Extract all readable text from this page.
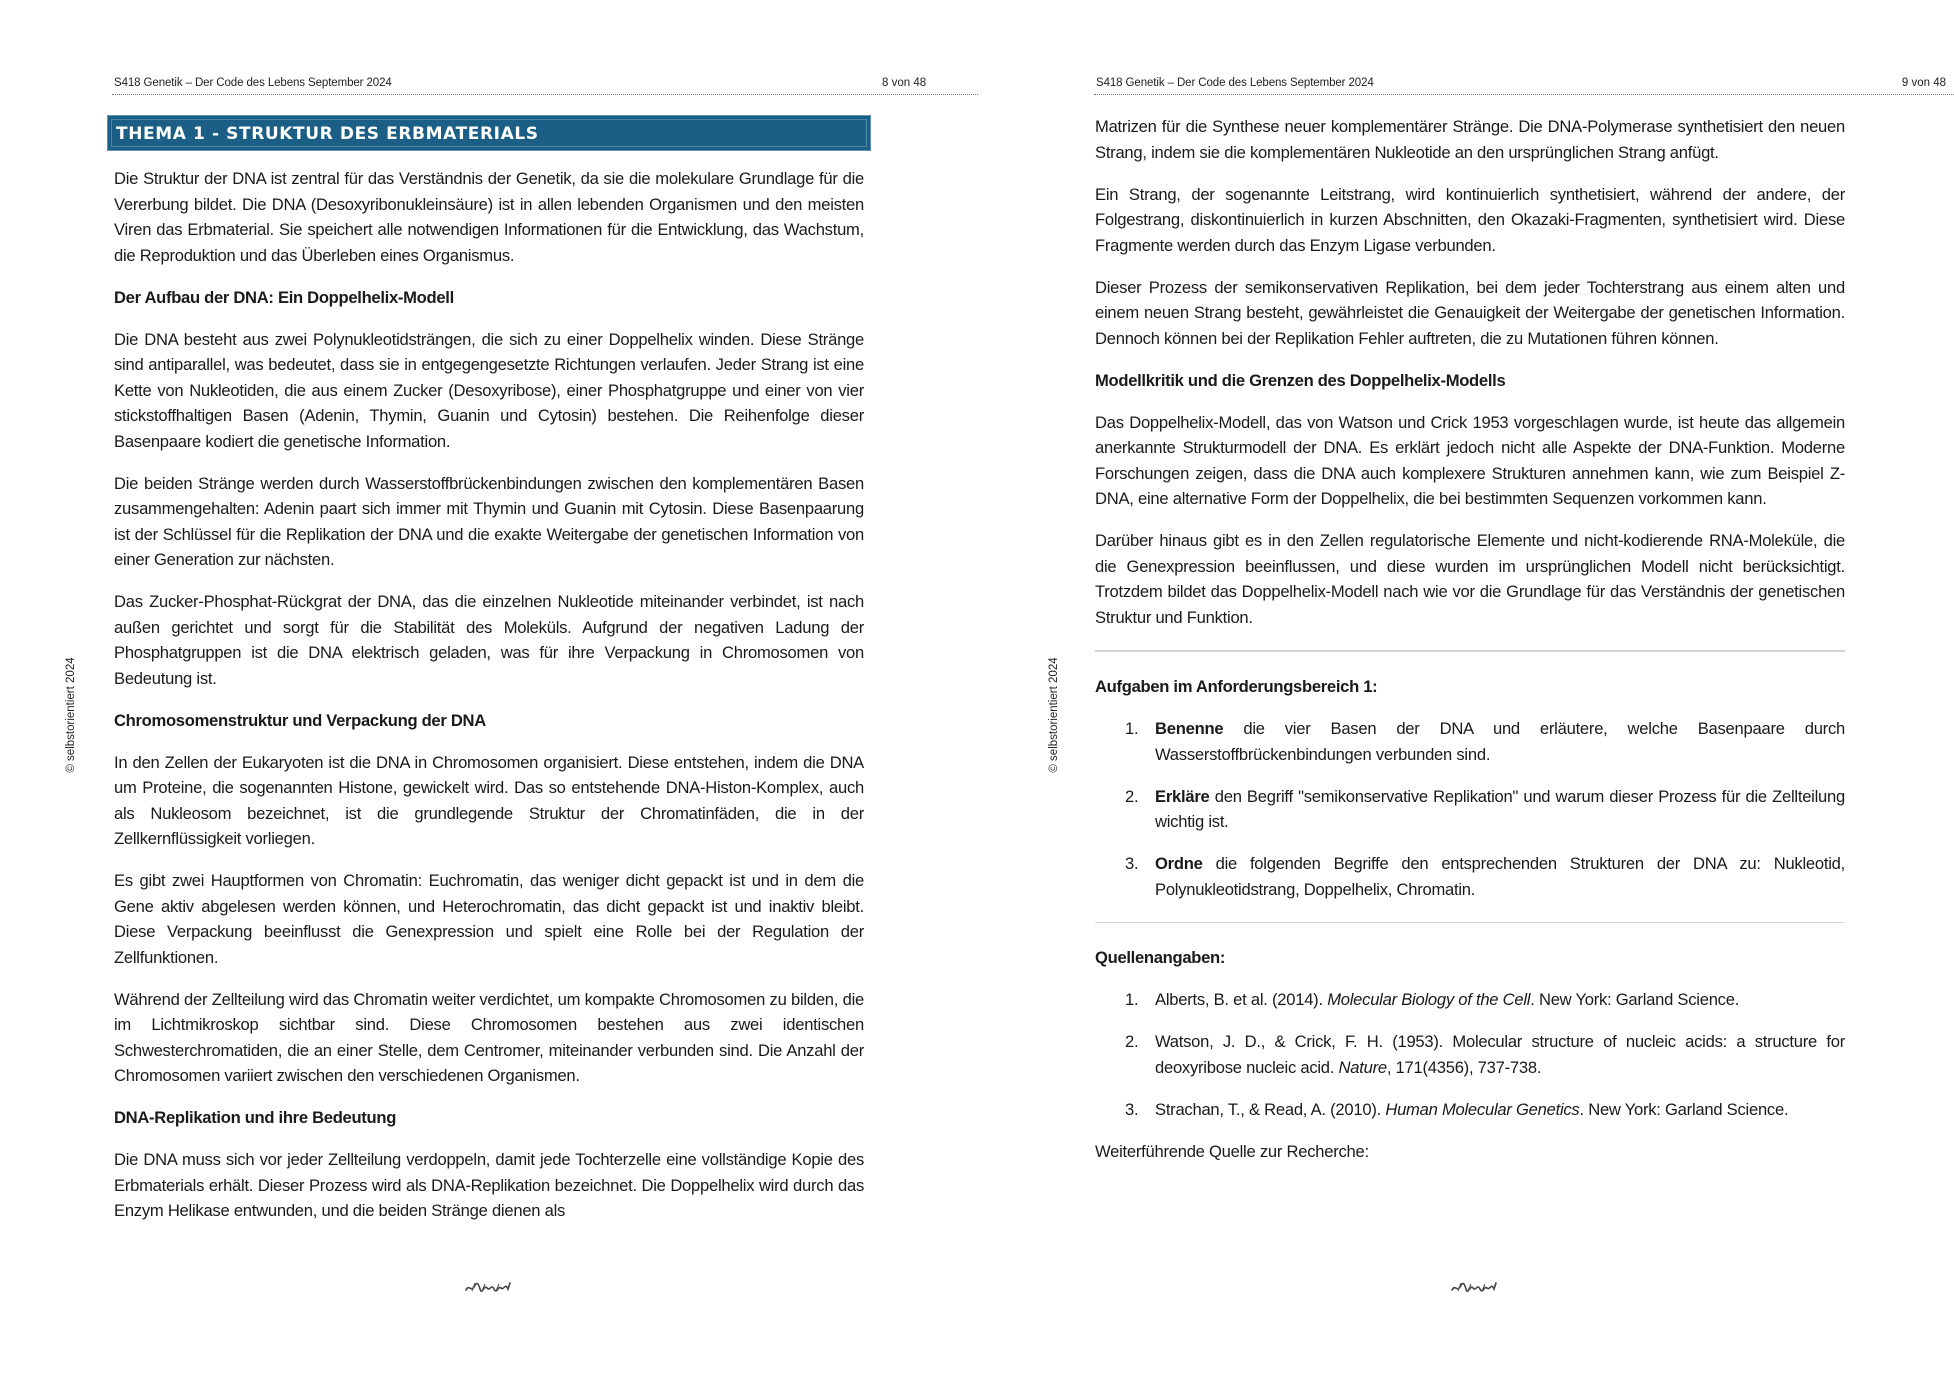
S418 Genetik – Der Code des Lebens September 2024	8 von 48
THEMA 1 - STRUKTUR DES ERBMATERIALS

Die Struktur der DNA ist zentral für das Verständnis der Genetik, da sie die molekulare Grundlage für die Vererbung bildet. Die DNA (Desoxyribonukleinsäure) ist in allen lebenden Organismen und den meisten Viren das Erbmaterial. Sie speichert alle notwendigen Informationen für die Entwicklung, das Wachstum, die Reproduktion und das Überleben eines Organismus.

Der Aufbau der DNA: Ein Doppelhelix-Modell

Die DNA besteht aus zwei Polynukleotidsträngen, die sich zu einer Doppelhelix winden. Diese Stränge sind antiparallel, was bedeutet, dass sie in entgegengesetzte Richtungen verlaufen. Jeder Strang ist eine Kette von Nukleotiden, die aus einem Zucker (Desoxyribose), einer Phosphatgruppe und einer von vier stickstoffhaltigen Basen (Adenin, Thymin, Guanin und Cytosin) bestehen. Die Reihenfolge dieser Basenpaare kodiert die genetische Information.

Die beiden Stränge werden durch Wasserstoffbrückenbindungen zwischen den komplementären Basen zusammengehalten: Adenin paart sich immer mit Thymin und Guanin mit Cytosin. Diese Basenpaarung ist der Schlüssel für die Replikation der DNA und die exakte Weitergabe der genetischen Information von einer Generation zur nächsten.

Das Zucker-Phosphat-Rückgrat der DNA, das die einzelnen Nukleotide miteinander verbindet, ist nach außen gerichtet und sorgt für die Stabilität des Moleküls. Aufgrund der negativen Ladung der Phosphatgruppen ist die DNA elektrisch geladen, was für ihre Verpackung in Chromosomen von Bedeutung ist.

Chromosomenstruktur und Verpackung der DNA

In den Zellen der Eukaryoten ist die DNA in Chromosomen organisiert. Diese entstehen, indem die DNA um Proteine, die sogenannten Histone, gewickelt wird. Das so entstehende DNA-Histon-Komplex, auch als Nukleosom bezeichnet, ist die grundlegende Struktur der Chromatinfäden, die in der Zellkernflüssigkeit vorliegen.

Es gibt zwei Hauptformen von Chromatin: Euchromatin, das weniger dicht gepackt ist und in dem die Gene aktiv abgelesen werden können, und Heterochromatin, das dicht gepackt ist und inaktiv bleibt. Diese Verpackung beeinflusst die Genexpression und spielt eine Rolle bei der Regulation der Zellfunktionen.

Während der Zellteilung wird das Chromatin weiter verdichtet, um kompakte Chromosomen zu bilden, die im Lichtmikroskop sichtbar sind. Diese Chromosomen bestehen aus zwei identischen Schwesterchromatiden, die an einer Stelle, dem Centromer, miteinander verbunden sind. Die Anzahl der Chromosomen variiert zwischen den verschiedenen Organismen.

DNA-Replikation und ihre Bedeutung

Die DNA muss sich vor jeder Zellteilung verdoppeln, damit jede Tochterzelle eine vollständige Kopie des Erbmaterials erhält. Dieser Prozess wird als DNA-Replikation bezeichnet. Die Doppelhelix wird durch das Enzym Helikase entwunden, und die beiden Stränge dienen als

© selbstorientiert 2024
S418 Genetik – Der Code des Lebens September 2024	9 von 48

Matrizen für die Synthese neuer komplementärer Stränge. Die DNA-Polymerase synthetisiert den neuen Strang, indem sie die komplementären Nukleotide an den ursprünglichen Strang anfügt.

Ein Strang, der sogenannte Leitstrang, wird kontinuierlich synthetisiert, während der andere, der Folgestrang, diskontinuierlich in kurzen Abschnitten, den Okazaki-Fragmenten, synthetisiert wird. Diese Fragmente werden durch das Enzym Ligase verbunden.

Dieser Prozess der semikonservativen Replikation, bei dem jeder Tochterstrang aus einem alten und einem neuen Strang besteht, gewährleistet die Genauigkeit der Weitergabe der genetischen Information. Dennoch können bei der Replikation Fehler auftreten, die zu Mutationen führen können.

Modellkritik und die Grenzen des Doppelhelix-Modells

Das Doppelhelix-Modell, das von Watson und Crick 1953 vorgeschlagen wurde, ist heute das allgemein anerkannte Strukturmodell der DNA. Es erklärt jedoch nicht alle Aspekte der DNA-Funktion. Moderne Forschungen zeigen, dass die DNA auch komplexere Strukturen annehmen kann, wie zum Beispiel Z-DNA, eine alternative Form der Doppelhelix, die bei bestimmten Sequenzen vorkommen kann.

Darüber hinaus gibt es in den Zellen regulatorische Elemente und nicht-kodierende RNA-Moleküle, die die Genexpression beeinflussen, und diese wurden im ursprünglichen Modell nicht berücksichtigt. Trotzdem bildet das Doppelhelix-Modell nach wie vor die Grundlage für das Verständnis der genetischen Struktur und Funktion.

Aufgaben im Anforderungsbereich 1:
1. Benenne die vier Basen der DNA und erläutere, welche Basenpaare durch Wasserstoffbrückenbindungen verbunden sind.
2. Erkläre den Begriff "semikonservative Replikation" und warum dieser Prozess für die Zellteilung wichtig ist.
3. Ordne die folgenden Begriffe den entsprechenden Strukturen der DNA zu: Nukleotid, Polynukleotidstrang, Doppelhelix, Chromatin.
Quellenangaben:
1. Alberts, B. et al. (2014). Molecular Biology of the Cell. New York: Garland Science.
2. Watson, J. D., & Crick, F. H. (1953). Molecular structure of nucleic acids: a structure for deoxyribose nucleic acid. Nature, 171(4356), 737-738.
3. Strachan, T., & Read, A. (2010). Human Molecular Genetics. New York: Garland Science.

Weiterführende Quelle zur Recherche:

© selbstorientiert 2024
